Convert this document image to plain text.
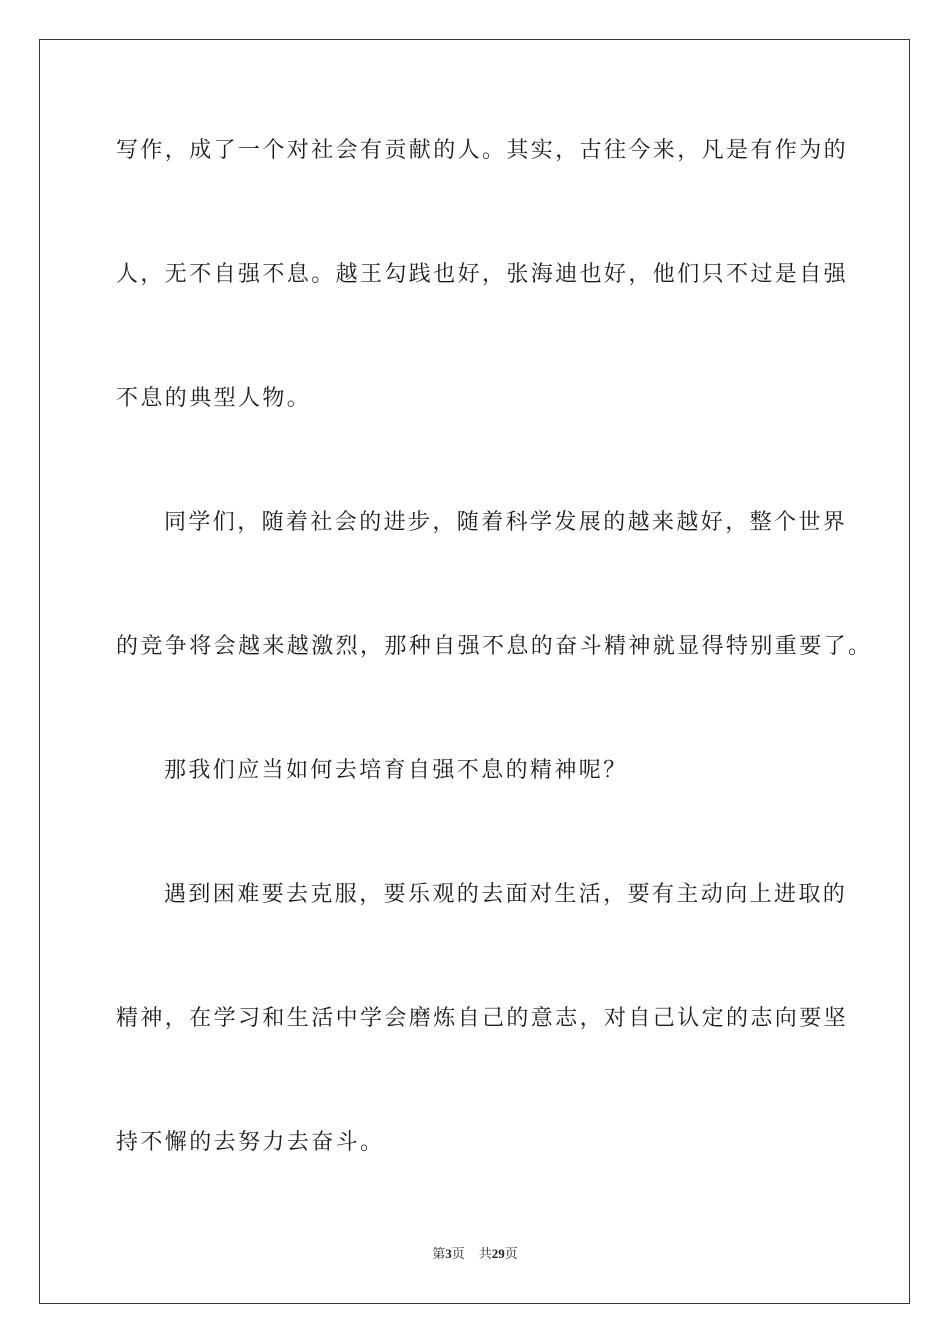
写作，成了一个对社会有贡献的人。其实，古往今来，凡是有作为的
人，无不自强不息。越王勾践也好，张海迪也好，他们只不过是自强
不息的典型人物。
同学们，随着社会的进步，随着科学发展的越来越好，整个世界
的竞争将会越来越激烈，那种自强不息的奋斗精神就显得特别重要了。
那我们应当如何去培育自强不息的精神呢？
遇到困难要去克服，要乐观的去面对生活，要有主动向上进取的
精神，在学习和生活中学会磨炼自己的意志，对自己认定的志向要坚
持不懈的去努力去奋斗。
第3页 共29页
